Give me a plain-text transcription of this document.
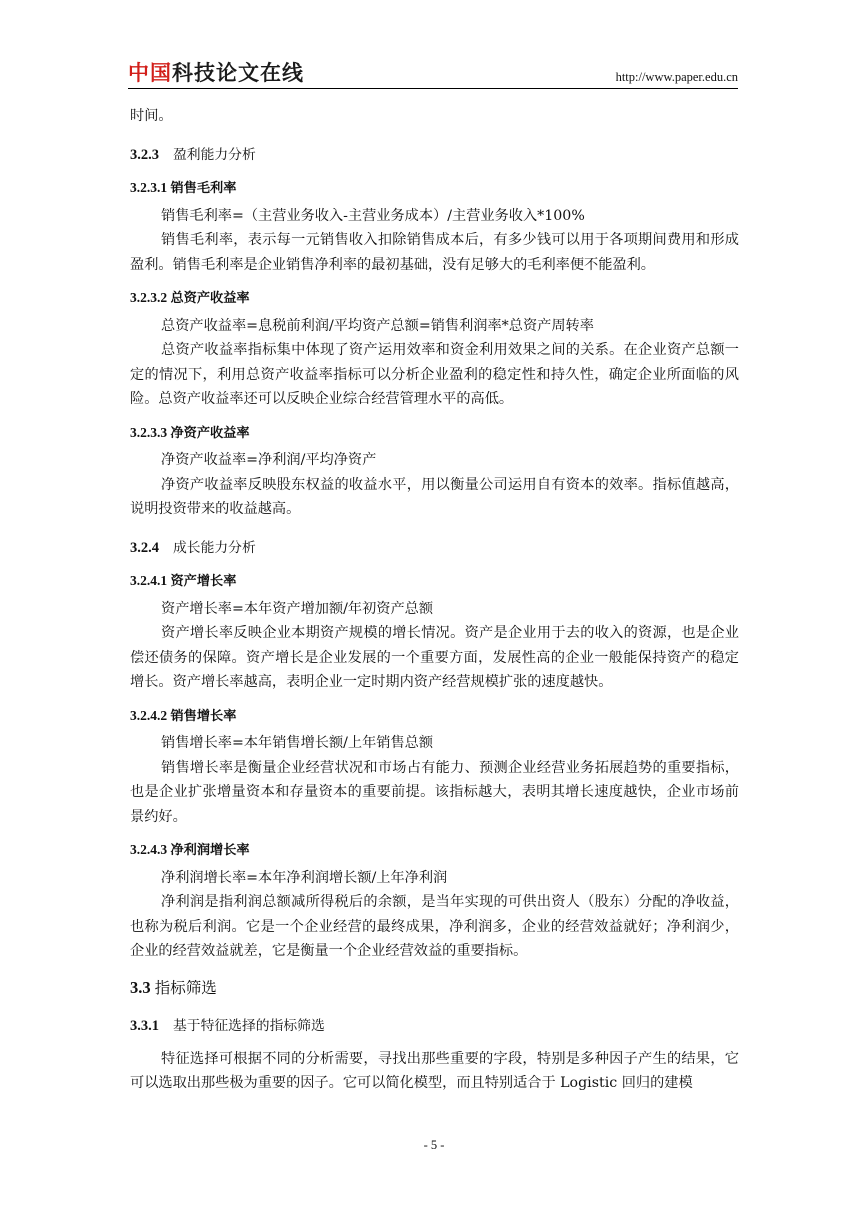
中国科技论文在线	http://www.paper.edu.cn

时间。

3.2.3 盈利能力分析
3.2.3.1 销售毛利率

销售毛利率=（主营业务收入-主营业务成本）/主营业务收入*100%

销售毛利率，表示每一元销售收入扣除销售成本后，有多少钱可以用于各项期间费用和形成盈利。销售毛利率是企业销售净利率的最初基础，没有足够大的毛利率便不能盈利。

3.2.3.2 总资产收益率

总资产收益率=息税前利润/平均资产总额=销售利润率*总资产周转率

总资产收益率指标集中体现了资产运用效率和资金利用效果之间的关系。在企业资产总额一定的情况下，利用总资产收益率指标可以分析企业盈利的稳定性和持久性，确定企业所面临的风险。总资产收益率还可以反映企业综合经营管理水平的高低。

3.2.3.3 净资产收益率

净资产收益率=净利润/平均净资产

净资产收益率反映股东权益的收益水平，用以衡量公司运用自有资本的效率。指标值越高，说明投资带来的收益越高。

3.2.4 成长能力分析
3.2.4.1 资产增长率

资产增长率=本年资产增加额/年初资产总额

资产增长率反映企业本期资产规模的增长情况。资产是企业用于去的收入的资源，也是企业偿还债务的保障。资产增长是企业发展的一个重要方面，发展性高的企业一般能保持资产的稳定增长。资产增长率越高，表明企业一定时期内资产经营规模扩张的速度越快。

3.2.4.2 销售增长率

销售增长率=本年销售增长额/上年销售总额

销售增长率是衡量企业经营状况和市场占有能力、预测企业经营业务拓展趋势的重要指标，也是企业扩张增量资本和存量资本的重要前提。该指标越大，表明其增长速度越快，企业市场前景约好。

3.2.4.3 净利润增长率

净利润增长率=本年净利润增长额/上年净利润

净利润是指利润总额减所得税后的余额，是当年实现的可供出资人（股东）分配的净收益，也称为税后利润。它是一个企业经营的最终成果，净利润多，企业的经营效益就好；净利润少，企业的经营效益就差，它是衡量一个企业经营效益的重要指标。

3.3 指标筛选
3.3.1 基于特征选择的指标筛选

特征选择可根据不同的分析需要，寻找出那些重要的字段，特别是多种因子产生的结果，它可以选取出那些极为重要的因子。它可以简化模型，而且特别适合于 Logistic 回归的建模

- 5 -
